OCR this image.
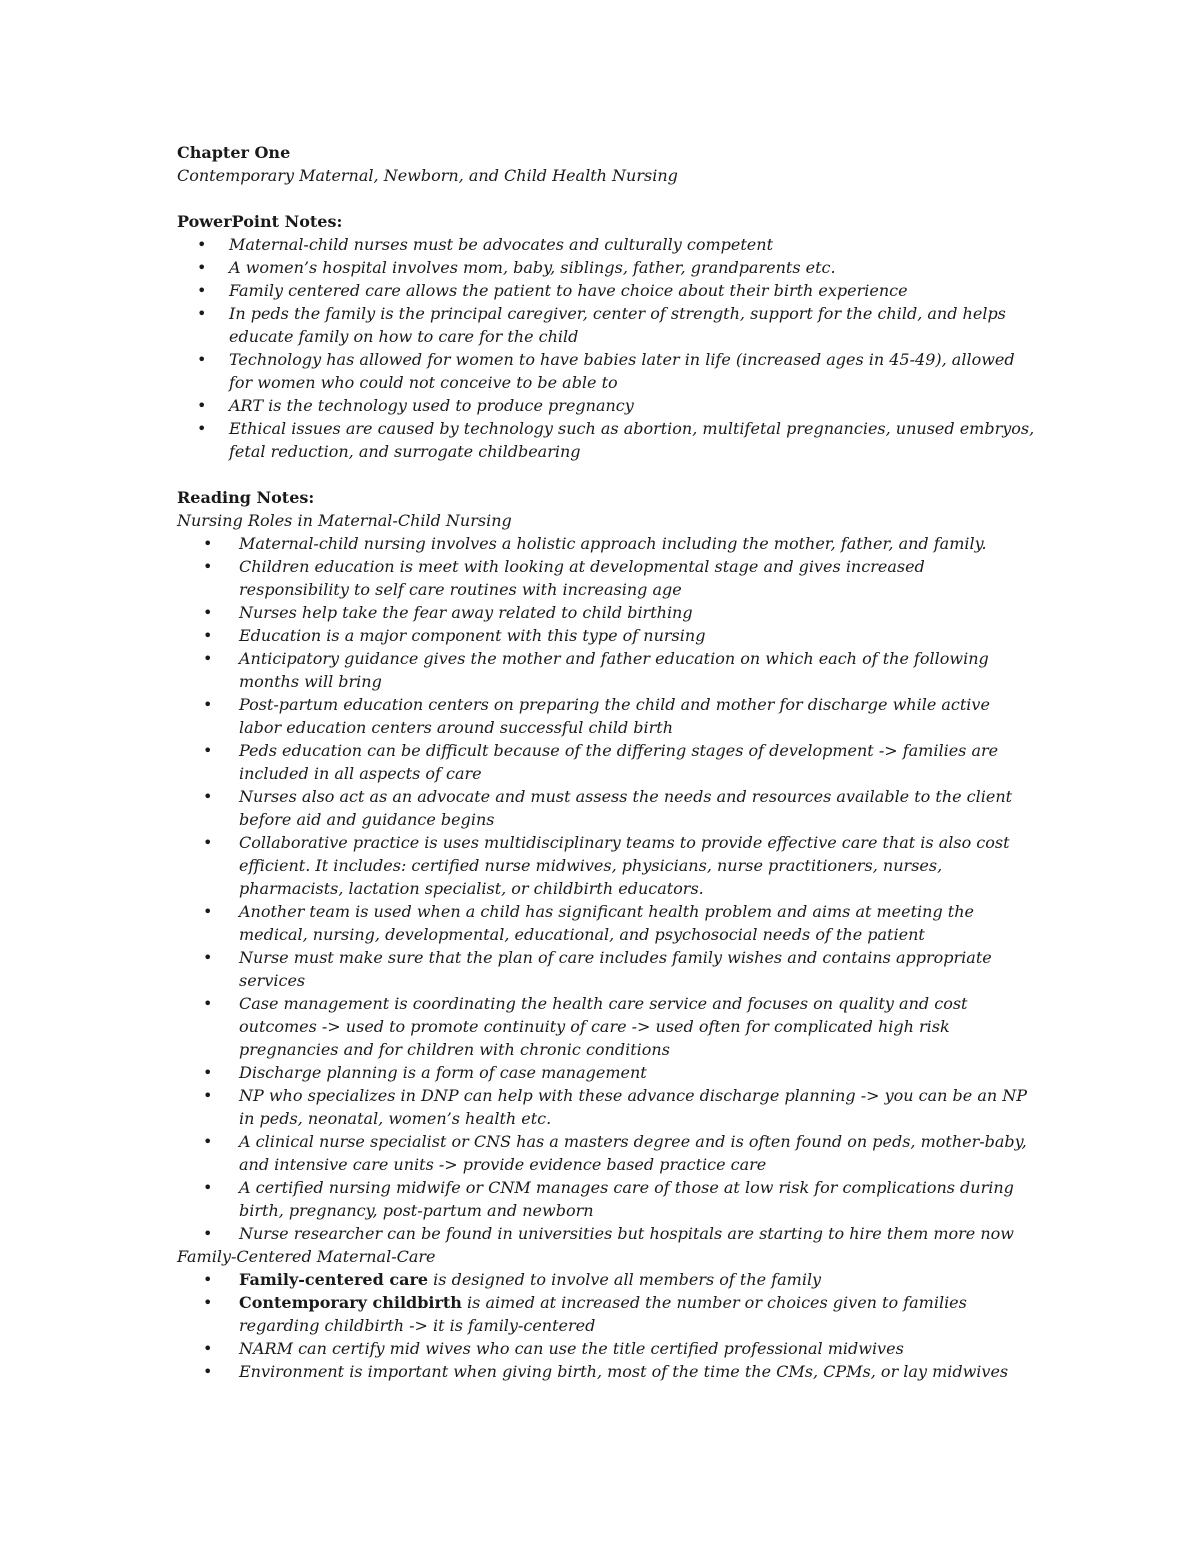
Chapter One

Contemporary Maternal, Newborn, and Child Health Nursing

PowerPoint Notes:

• Maternal-child nurses must be advocates and culturally competent
• A women’s hospital involves mom, baby, siblings, father, grandparents etc.
• Family centered care allows the patient to have choice about their birth experience
• In peds the family is the principal caregiver, center of strength, support for the child, and helps educate family on how to care for the child
• Technology has allowed for women to have babies later in life (increased ages in 45-49), allowed for women who could not conceive to be able to
• ART is the technology used to produce pregnancy
• Ethical issues are caused by technology such as abortion, multifetal pregnancies, unused embryos, fetal reduction, and surrogate childbearing

Reading Notes:

Nursing Roles in Maternal-Child Nursing

• Maternal-child nursing involves a holistic approach including the mother, father, and family.
• Children education is meet with looking at developmental stage and gives increased responsibility to self care routines with increasing age
• Nurses help take the fear away related to child birthing
• Education is a major component with this type of nursing
• Anticipatory guidance gives the mother and father education on which each of the following months will bring
• Post-partum education centers on preparing the child and mother for discharge while active labor education centers around successful child birth
• Peds education can be difficult because of the differing stages of development -> families are included in all aspects of care
• Nurses also act as an advocate and must assess the needs and resources available to the client before aid and guidance begins
• Collaborative practice is uses multidisciplinary teams to provide effective care that is also cost efficient. It includes: certified nurse midwives, physicians, nurse practitioners, nurses, pharmacists, lactation specialist, or childbirth educators.
• Another team is used when a child has significant health problem and aims at meeting the medical, nursing, developmental, educational, and psychosocial needs of the patient
• Nurse must make sure that the plan of care includes family wishes and contains appropriate services
• Case management is coordinating the health care service and focuses on quality and cost outcomes -> used to promote continuity of care -> used often for complicated high risk pregnancies and for children with chronic conditions
• Discharge planning is a form of case management
• NP who specializes in DNP can help with these advance discharge planning -> you can be an NP in peds, neonatal, women’s health etc.
• A clinical nurse specialist or CNS has a masters degree and is often found on peds, mother-baby, and intensive care units -> provide evidence based practice care
• A certified nursing midwife or CNM manages care of those at low risk for complications during birth, pregnancy, post-partum and newborn
• Nurse researcher can be found in universities but hospitals are starting to hire them more now

Family-Centered Maternal-Care

• Family-centered care is designed to involve all members of the family
• Contemporary childbirth is aimed at increased the number or choices given to families regarding childbirth -> it is family-centered
• NARM can certify mid wives who can use the title certified professional midwives
• Environment is important when giving birth, most of the time the CMs, CPMs, or lay midwives
